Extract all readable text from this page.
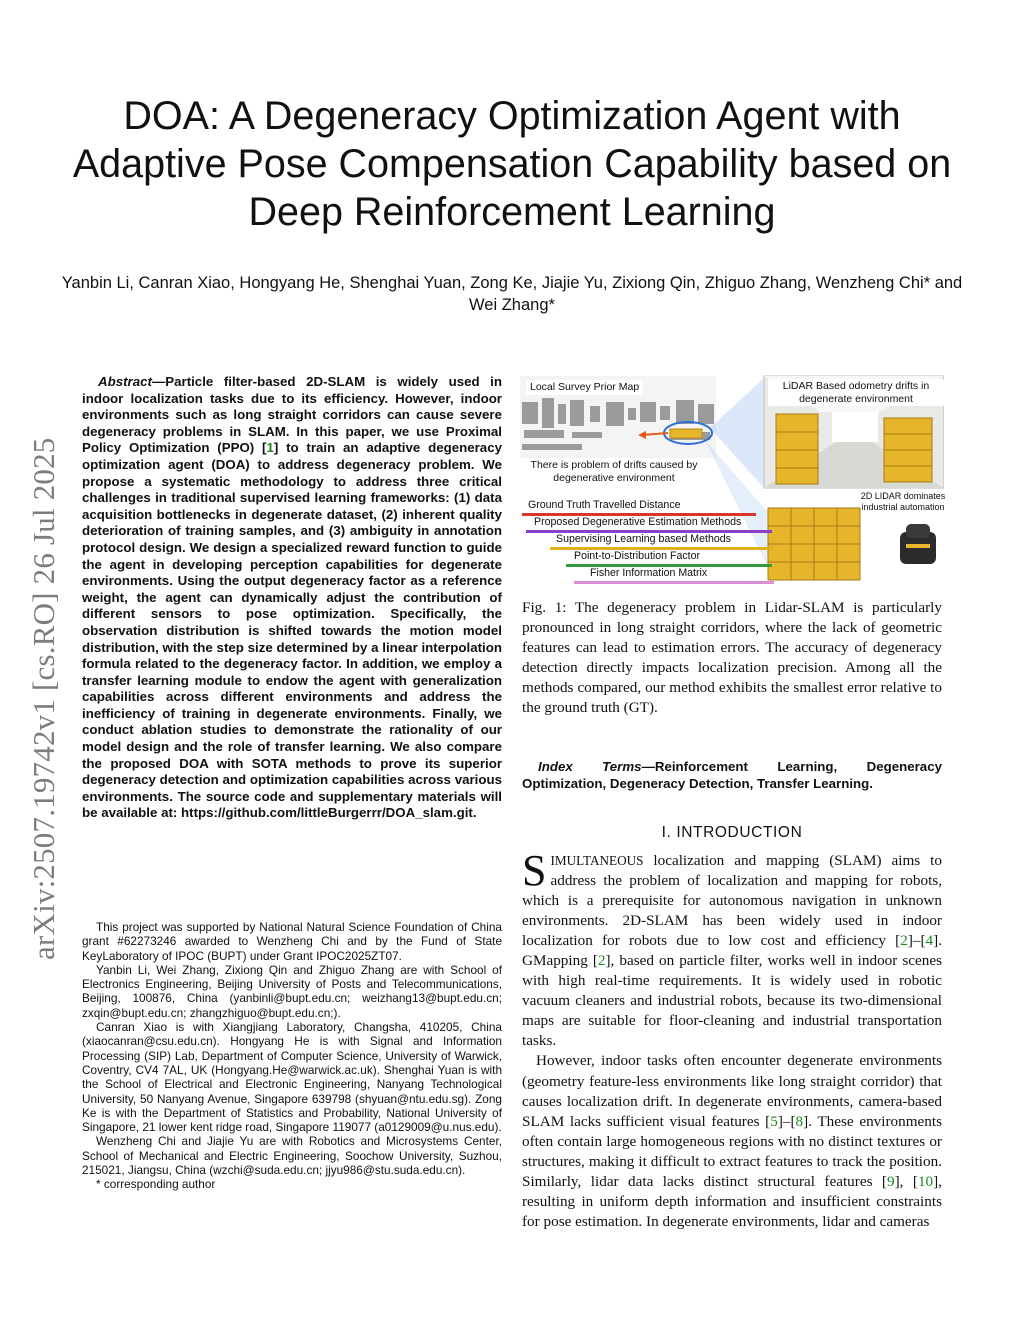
arXiv:2507.19742v1 [cs.RO] 26 Jul 2025
DOA: A Degeneracy Optimization Agent with Adaptive Pose Compensation Capability based on Deep Reinforcement Learning
Yanbin Li, Canran Xiao, Hongyang He, Shenghai Yuan, Zong Ke, Jiajie Yu, Zixiong Qin, Zhiguo Zhang, Wenzheng Chi* and Wei Zhang*
Abstract—Particle filter-based 2D-SLAM is widely used in indoor localization tasks due to its efficiency. However, indoor environments such as long straight corridors can cause severe degeneracy problems in SLAM. In this paper, we use Proximal Policy Optimization (PPO) [1] to train an adaptive degeneracy optimization agent (DOA) to address degeneracy problem. We propose a systematic methodology to address three critical challenges in traditional supervised learning frameworks: (1) data acquisition bottlenecks in degenerate dataset, (2) inherent quality deterioration of training samples, and (3) ambiguity in annotation protocol design. We design a specialized reward function to guide the agent in developing perception capabilities for degenerate environments. Using the output degeneracy factor as a reference weight, the agent can dynamically adjust the contribution of different sensors to pose optimization. Specifically, the observation distribution is shifted towards the motion model distribution, with the step size determined by a linear interpolation formula related to the degeneracy factor. In addition, we employ a transfer learning module to endow the agent with generalization capabilities across different environments and address the inefficiency of training in degenerate environments. Finally, we conduct ablation studies to demonstrate the rationality of our model design and the role of transfer learning. We also compare the proposed DOA with SOTA methods to prove its superior degeneracy detection and optimization capabilities across various environments. The source code and supplementary materials will be available at: https://github.com/littleBurgerrr/DOA_slam.git.

This project was supported by National Natural Science Foundation of China grant #62273246 awarded to Wenzheng Chi and by the Fund of State KeyLaboratory of IPOC (BUPT) under Grant IPOC2025ZT07.

Yanbin Li, Wei Zhang, Zixiong Qin and Zhiguo Zhang are with School of Electronics Engineering, Beijing University of Posts and Telecommunications, Beijing, 100876, China (yanbinli@bupt.edu.cn; weizhang13@bupt.edu.cn; zxqin@bupt.edu.cn; zhangzhiguo@bupt.edu.cn;).

Canran Xiao is with Xiangjiang Laboratory, Changsha, 410205, China (xiaocanran@csu.edu.cn). Hongyang He is with Signal and Information Processing (SIP) Lab, Department of Computer Science, University of Warwick, Coventry, CV4 7AL, UK (Hongyang.He@warwick.ac.uk). Shenghai Yuan is with the School of Electrical and Electronic Engineering, Nanyang Technological University, 50 Nanyang Avenue, Singapore 639798 (shyuan@ntu.edu.sg). Zong Ke is with the Department of Statistics and Probability, National University of Singapore, 21 lower kent ridge road, Singapore 119077 (a0129009@u.nus.edu).

Wenzheng Chi and Jiajie Yu are with Robotics and Microsystems Center, School of Mechanical and Electric Engineering, Soochow University, Suzhou, 215021, Jiangsu, China (wzchi@suda.edu.cn; jjyu986@stu.suda.edu.cn).

* corresponding author

Local Survey Prior Map	LiDAR Based odometry drifts in degenerate environment
There is problem of drifts caused by degenerative environment
2D LIDAR dominates industrial automation
Ground Truth Travelled Distance
Proposed Degenerative Estimation Methods
Supervising Learning based Methods
Point-to-Distribution Factor
Fisher Information Matrix
Fig. 1: The degeneracy problem in Lidar-SLAM is particularly pronounced in long straight corridors, where the lack of geometric features can lead to estimation errors. The accuracy of degeneracy detection directly impacts localization precision. Among all the methods compared, our method exhibits the smallest error relative to the ground truth (GT).
Index Terms—Reinforcement Learning, Degeneracy Optimization, Degeneracy Detection, Transfer Learning.
I. INTRODUCTION

SIMULTANEOUS localization and mapping (SLAM) aims to address the problem of localization and mapping for robots, which is a prerequisite for autonomous navigation in unknown environments. 2D-SLAM has been widely used in indoor localization for robots due to low cost and efficiency [2]–[4]. GMapping [2], based on particle filter, works well in indoor scenes with high real-time requirements. It is widely used in robotic vacuum cleaners and industrial robots, because its two-dimensional maps are suitable for floor-cleaning and industrial transportation tasks.

However, indoor tasks often encounter degenerate environments (geometry feature-less environments like long straight corridor) that causes localization drift. In degenerate environments, camera-based SLAM lacks sufficient visual features [5]–[8]. These environments often contain large homogeneous regions with no distinct textures or structures, making it difficult to extract features to track the position. Similarly, lidar data lacks distinct structural features [9], [10], resulting in uniform depth information and insufficient constraints for pose estimation. In degenerate environments, lidar and cameras
